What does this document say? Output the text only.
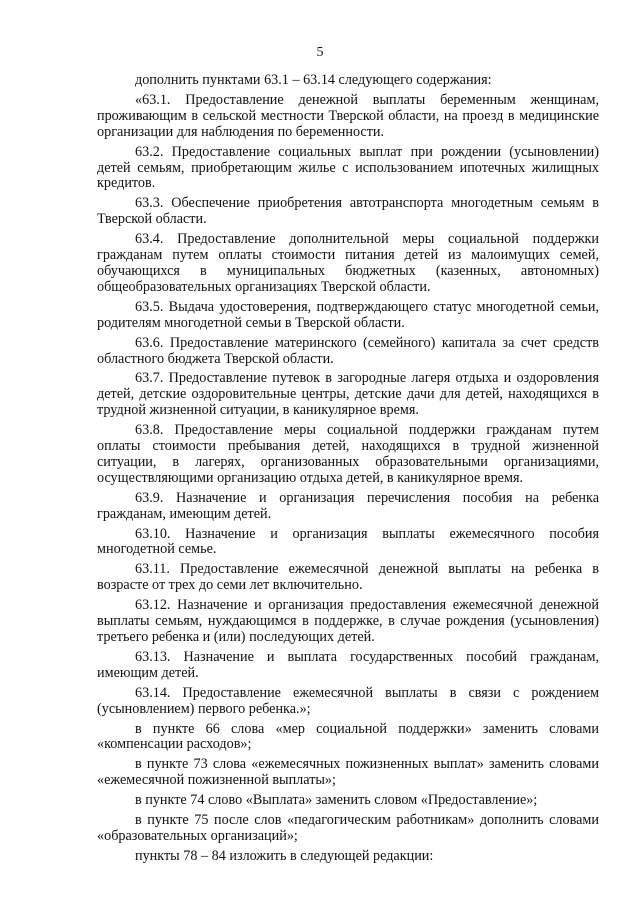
5

дополнить пунктами 63.1 – 63.14 следующего содержания:

«63.1. Предоставление денежной выплаты беременным женщинам, проживающим в сельской местности Тверской области, на проезд в медицинские организации для наблюдения по беременности.

63.2. Предоставление социальных выплат при рождении (усыновлении) детей семьям, приобретающим жилье с использованием ипотечных жилищных кредитов.

63.3. Обеспечение приобретения автотранспорта многодетным семьям в Тверской области.

63.4. Предоставление дополнительной меры социальной поддержки гражданам путем оплаты стоимости питания детей из малоимущих семей, обучающихся в муниципальных бюджетных (казенных, автономных) общеобразовательных организациях Тверской области.

63.5. Выдача удостоверения, подтверждающего статус многодетной семьи, родителям многодетной семьи в Тверской области.

63.6. Предоставление материнского (семейного) капитала за счет средств областного бюджета Тверской области.

63.7. Предоставление путевок в загородные лагеря отдыха и оздоровления детей, детские оздоровительные центры, детские дачи для детей, находящихся в трудной жизненной ситуации, в каникулярное время.

63.8. Предоставление меры социальной поддержки гражданам путем оплаты стоимости пребывания детей, находящихся в трудной жизненной ситуации, в лагерях, организованных образовательными организациями, осуществляющими организацию отдыха детей, в каникулярное время.

63.9. Назначение и организация перечисления пособия на ребенка гражданам, имеющим детей.

63.10. Назначение и организация выплаты ежемесячного пособия многодетной семье.

63.11. Предоставление ежемесячной денежной выплаты на ребенка в возрасте от трех до семи лет включительно.

63.12. Назначение и организация предоставления ежемесячной денежной выплаты семьям, нуждающимся в поддержке, в случае рождения (усыновления) третьего ребенка и (или) последующих детей.

63.13. Назначение и выплата государственных пособий гражданам, имеющим детей.

63.14. Предоставление ежемесячной выплаты в связи с рождением (усыновлением) первого ребенка.»;

в пункте 66 слова «мер социальной поддержки» заменить словами «компенсации расходов»;

в пункте 73 слова «ежемесячных пожизненных выплат» заменить словами «ежемесячной пожизненной выплаты»;

в пункте 74 слово «Выплата» заменить словом «Предоставление»;

в пункте 75 после слов «педагогическим работникам» дополнить словами «образовательных организаций»;

пункты 78 – 84 изложить в следующей редакции:
